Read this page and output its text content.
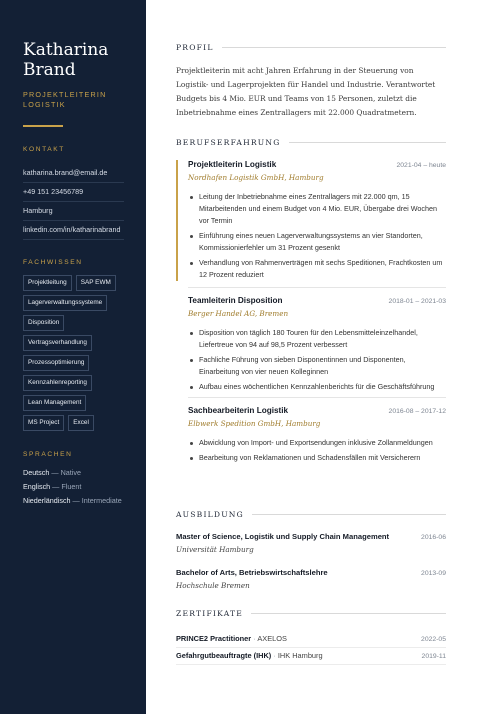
Katharina
Brand
PROJEKTLEITERIN
LOGISTIK
KONTAKT
katharina.brand@email.de
+49 151 23456789
Hamburg
linkedin.com/in/katharinabrand
FACHWISSEN
Projektleitung	SAP EWM
Lagerverwaltungssysteme
Disposition
Vertragsverhandlung
Prozessoptimierung
Kennzahlenreporting
Lean Management
MS Project	Excel
SPRACHEN
Deutsch — Native
Englisch — Fluent
Niederländisch — Intermediate
PROFIL

Projektleiterin mit acht Jahren Erfahrung in der Steuerung von Logistik- und Lagerprojekten für Handel und Industrie. Verantwortet Budgets bis 4 Mio. EUR und Teams von 15 Personen, zuletzt die Inbetriebnahme eines Zentrallagers mit 22.000 Quadratmetern.

BERUFSERFAHRUNG
Projektleiterin Logistik	2021-04 – heute
Nordhafen Logistik GmbH, Hamburg
Leitung der Inbetriebnahme eines Zentrallagers mit 22.000 qm, 15 Mitarbeitenden und einem Budget von 4 Mio. EUR, Übergabe drei Wochen vor Termin
Einführung eines neuen Lagerverwaltungssystems an vier Standorten, Kommissionierfehler um 31 Prozent gesenkt
Verhandlung von Rahmenverträgen mit sechs Speditionen, Frachtkosten um 12 Prozent reduziert
Teamleiterin Disposition	2018-01 – 2021-03
Berger Handel AG, Bremen
Disposition von täglich 180 Touren für den Lebensmitteleinzelhandel, Liefertreue von 94 auf 98,5 Prozent verbessert
Fachliche Führung von sieben Disponentinnen und Disponenten, Einarbeitung von vier neuen Kolleginnen
Aufbau eines wöchentlichen Kennzahlenberichts für die Geschäftsführung
Sachbearbeiterin Logistik	2016-08 – 2017-12
Elbwerk Spedition GmbH, Hamburg
Abwicklung von Import- und Exportsendungen inklusive Zollanmeldungen
Bearbeitung von Reklamationen und Schadensfällen mit Versicherern
AUSBILDUNG
Master of Science, Logistik und Supply Chain Management	2016-06
Universität Hamburg
Bachelor of Arts, Betriebswirtschaftslehre	2013-09
Hochschule Bremen
ZERTIFIKATE
PRINCE2 Practitioner · AXELOS	2022-05
Gefahrgutbeauftragte (IHK) · IHK Hamburg	2019-11
